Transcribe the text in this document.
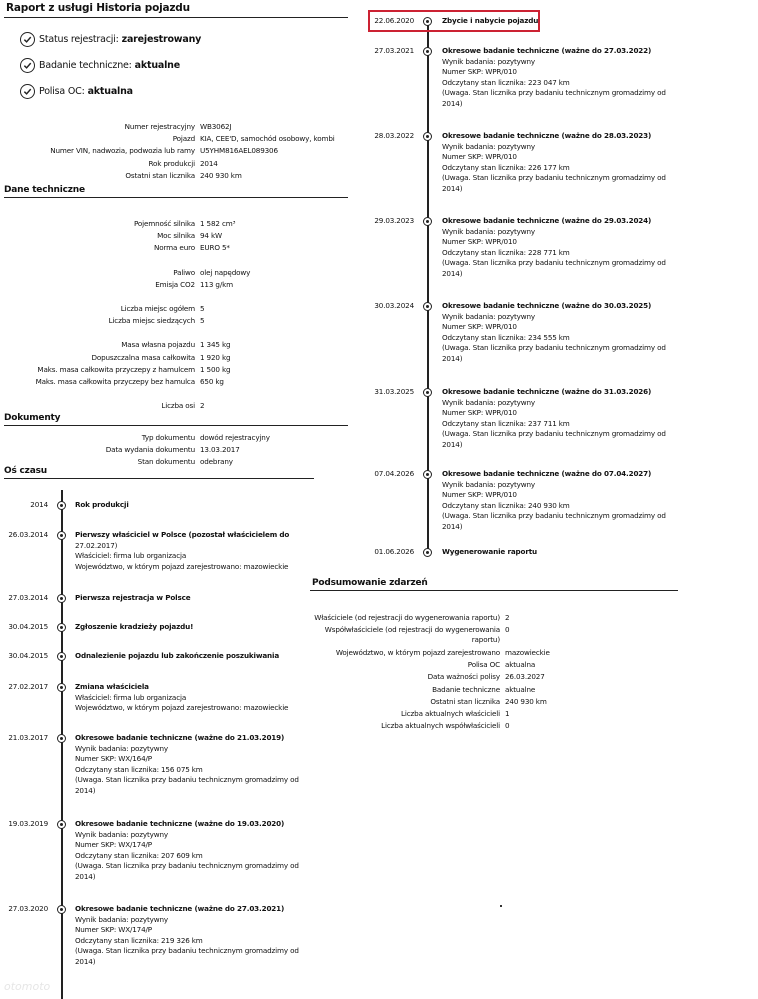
Raport z usługi Historia pojazdu
Status rejestracji: zarejestrowany
Badanie techniczne: aktualne
Polisa OC: aktualna
Numer rejestracyjny WB3062J
Pojazd KIA, CEE'D, samochód osobowy, kombi
Numer VIN, nadwozia, podwozia lub ramy U5YHM816AEL089306
Rok produkcji 2014
Ostatni stan licznika 240 930 km
Dane techniczne
Pojemność silnika 1 582 cm³
Moc silnika 94 kW
Norma euro EURO 5*
Paliwo olej napędowy
Emisja CO2 113 g/km
Liczba miejsc ogółem 5
Liczba miejsc siedzących 5
Masa własna pojazdu 1 345 kg
Dopuszczalna masa całkowita 1 920 kg
Maks. masa całkowita przyczepy z hamulcem 1 500 kg
Maks. masa całkowita przyczepy bez hamulca 650 kg
Liczba osi 2
Dokumenty
Typ dokumentu dowód rejestracyjny
Data wydania dokumentu 13.03.2017
Stan dokumentu odebrany
Oś czasu
2014	Rok produkcji
26.03.2014	Pierwszy właściciel w Polsce (pozostał właścicielem do
27.02.2017)
Właściciel: firma lub organizacja
Województwo, w którym pojazd zarejestrowano: mazowieckie
27.03.2014	Pierwsza rejestracja w Polsce
30.04.2015	Zgłoszenie kradzieży pojazdu!
30.04.2015	Odnalezienie pojazdu lub zakończenie poszukiwania
27.02.2017	Zmiana właściciela
Właściciel: firma lub organizacja
Województwo, w którym pojazd zarejestrowano: mazowieckie
21.03.2017	Okresowe badanie techniczne (ważne do 21.03.2019)
Wynik badania: pozytywny
Numer SKP: WX/164/P
Odczytany stan licznika: 156 075 km
(Uwaga. Stan licznika przy badaniu technicznym gromadzimy od
2014)
19.03.2019	Okresowe badanie techniczne (ważne do 19.03.2020)
Wynik badania: pozytywny
Numer SKP: WX/174/P
Odczytany stan licznika: 207 609 km
(Uwaga. Stan licznika przy badaniu technicznym gromadzimy od
2014)
27.03.2020	Okresowe badanie techniczne (ważne do 27.03.2021)
Wynik badania: pozytywny
Numer SKP: WX/174/P
Odczytany stan licznika: 219 326 km
(Uwaga. Stan licznika przy badaniu technicznym gromadzimy od
2014)
22.06.2020	Zbycie i nabycie pojazdu
27.03.2021	Okresowe badanie techniczne (ważne do 27.03.2022)
Wynik badania: pozytywny
Numer SKP: WPR/010
Odczytany stan licznika: 223 047 km
(Uwaga. Stan licznika przy badaniu technicznym gromadzimy od
2014)
28.03.2022	Okresowe badanie techniczne (ważne do 28.03.2023)
Wynik badania: pozytywny
Numer SKP: WPR/010
Odczytany stan licznika: 226 177 km
(Uwaga. Stan licznika przy badaniu technicznym gromadzimy od
2014)
29.03.2023	Okresowe badanie techniczne (ważne do 29.03.2024)
Wynik badania: pozytywny
Numer SKP: WPR/010
Odczytany stan licznika: 228 771 km
(Uwaga. Stan licznika przy badaniu technicznym gromadzimy od
2014)
30.03.2024	Okresowe badanie techniczne (ważne do 30.03.2025)
Wynik badania: pozytywny
Numer SKP: WPR/010
Odczytany stan licznika: 234 555 km
(Uwaga. Stan licznika przy badaniu technicznym gromadzimy od
2014)
31.03.2025	Okresowe badanie techniczne (ważne do 31.03.2026)
Wynik badania: pozytywny
Numer SKP: WPR/010
Odczytany stan licznika: 237 711 km
(Uwaga. Stan licznika przy badaniu technicznym gromadzimy od
2014)
07.04.2026	Okresowe badanie techniczne (ważne do 07.04.2027)
Wynik badania: pozytywny
Numer SKP: WPR/010
Odczytany stan licznika: 240 930 km
(Uwaga. Stan licznika przy badaniu technicznym gromadzimy od
2014)
01.06.2026	Wygenerowanie raportu
Podsumowanie zdarzeń
Właściciele (od rejestracji do wygenerowania raportu) 2
Współwłaściciele (od rejestracji do wygenerowania raportu)
0
Województwo, w którym pojazd zarejestrowano mazowieckie
Polisa OC aktualna
Data ważności polisy 26.03.2027
Badanie techniczne aktualne
Ostatni stan licznika 240 930 km
Liczba aktualnych właścicieli 1
Liczba aktualnych współwłaścicieli 0
otomoto
